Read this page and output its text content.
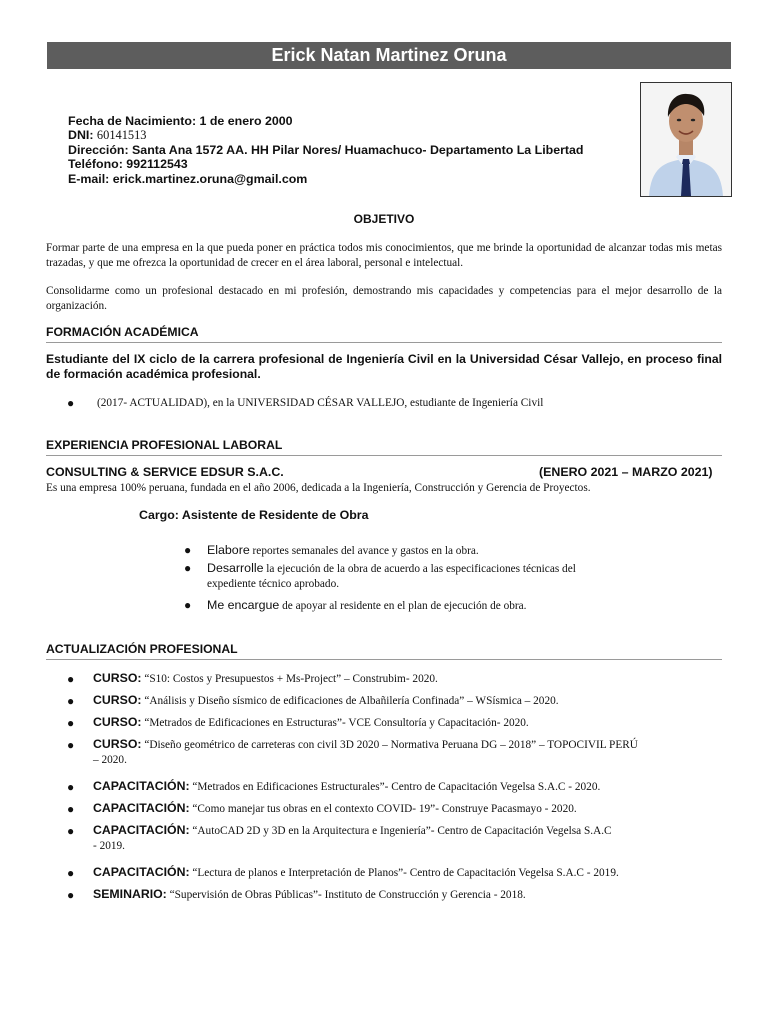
Erick Natan Martinez Oruna
Fecha de Nacimiento: 1 de enero 2000
DNI: 60141513
Dirección: Santa Ana 1572 AA. HH Pilar Nores/ Huamachuco- Departamento La Libertad
Teléfono: 992112543
E-mail: erick.martinez.oruna@gmail.com
OBJETIVO
Formar parte de una empresa en la que pueda poner en práctica todos mis conocimientos, que me brinde la oportunidad de alcanzar todas mis metas trazadas, y que me ofrezca la oportunidad de crecer en el área laboral, personal e intelectual.
Consolidarme como un profesional destacado en mi profesión, demostrando mis capacidades y competencias para el mejor desarrollo de la organización.
FORMACIÓN ACADÉMICA
Estudiante del IX ciclo de la carrera profesional de Ingeniería Civil en la Universidad César Vallejo, en proceso final de formación académica profesional.
● (2017- ACTUALIDAD), en la UNIVERSIDAD CÉSAR VALLEJO, estudiante de Ingeniería Civil
EXPERIENCIA PROFESIONAL LABORAL
CONSULTING & SERVICE EDSUR S.A.C.	(ENERO 2021 – MARZO 2021)
Es una empresa 100% peruana, fundada en el año 2006, dedicada a la Ingeniería, Construcción y Gerencia de Proyectos.
Cargo: Asistente de Residente de Obra
● Elabore reportes semanales del avance y gastos en la obra.
● Desarrolle la ejecución de la obra de acuerdo a las especificaciones técnicas del
expediente técnico aprobado.
● Me encargue de apoyar al residente en el plan de ejecución de obra.
ACTUALIZACIÓN PROFESIONAL
● CURSO: “S10: Costos y Presupuestos + Ms-Project” – Construbim- 2020.
● CURSO: “Análisis y Diseño sísmico de edificaciones de Albañilería Confinada” – WSísmica – 2020.
● CURSO: “Metrados de Edificaciones en Estructuras”- VCE Consultoría y Capacitación- 2020.
● CURSO: “Diseño geométrico de carreteras con civil 3D 2020 – Normativa Peruana DG – 2018” – TOPOCIVIL PERÚ
– 2020.
● CAPACITACIÓN: “Metrados en Edificaciones Estructurales”- Centro de Capacitación Vegelsa S.A.C - 2020.
● CAPACITACIÓN: “Como manejar tus obras en el contexto COVID- 19”- Construye Pacasmayo - 2020.
● CAPACITACIÓN: “AutoCAD 2D y 3D en la Arquitectura e Ingeniería”- Centro de Capacitación Vegelsa S.A.C
- 2019.
● CAPACITACIÓN: “Lectura de planos e Interpretación de Planos”- Centro de Capacitación Vegelsa S.A.C - 2019.
● SEMINARIO: “Supervisión de Obras Públicas”- Instituto de Construcción y Gerencia - 2018.
